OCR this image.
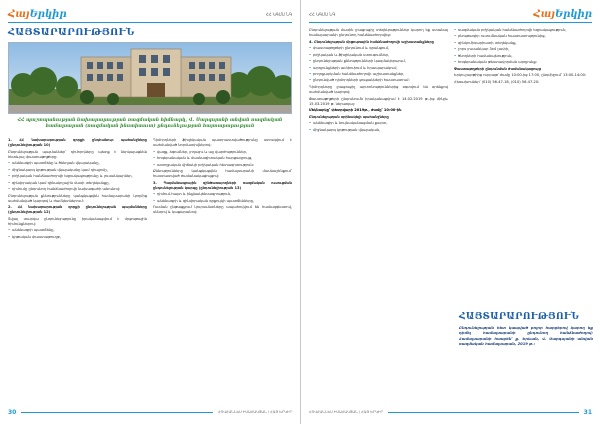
ՀայԵրկիր	ՀՀ ԿԳՄՍ ՆԳ
ՀԱՅՏԱՐԱՐՈՒԹՅՈՒՆ
ՀՀ պաշտպանության նախարարության ռազմական հիմնարկ, Վ. Սարգսյանի անվան ռազմական համալսարան (ռազմական ինստիտուտ) ընդունելության հայտարարություն

1. ՀՀ նախարարության զորքի ընդհանուր պահանջները (ընդունելիության 10)

Ընդունելության պայմաններ՝ դիմորդները պետք է ներկայացնեն հետևյալ փաստաթղթերը:

• անձնագրի պատճենը և ծննդյան վկայականը,

• միջնակարգ կրթության վկայականը կամ դիպլոմը,

• բժշկական հանձնաժողովի եզրակացությունը և լուսանկարներ,

• զինվորական կամ զինակոչային մասի տեղեկանքը,

• դիմումը ընդունող հանձնաժողովի նախագահի անունով:

Ընդունելության քննությունները կանցկացվեն համալսարանի կողմից սահմանված կարգով և ժամկետներում:

2. ՀՀ նախարարության զորքի ընդունելության պայմանները (ընդունելիության 12)

Տվյալ տարվա ընդունելությունը իրականացվում է մրցութային հիմունքներով:

• անձնագրի պատճենը,

• կրթական փաստաթուղթ,

Դիմորդների ֆիզիկական պատրաստվածությունը ստուգվում է սահմանված նորմատիվներով:

• վազք, ձգումներ, լողալու և այլ վարժություններ,

• հոգեբանական և մասնագիտական հարցազրույց,

• առողջական վիճակի բժշկական հետազոտություն:

Քննությունները կանցկացվեն համալսարանի մասնաշենքում՝ հաստատված ժամանակացույցով:

3. Պայմանագրային զինծառայողների ռազմական ուսուցման ընդունելության կարգը (ընդունելիության 13)

• դիմում-հայտ և ինքնակենսագրություն,

• անձնագրի և զինվորական գրքույկի պատճենները,

Ուսման ընթացքում կուրսանտները ապահովվում են համազգեստով, սննդով և կացարանով:

30	ՀՈՎՀԱՆՆԵՍ ԻՍԱՀԱԿՅԱՆ / ՀԱՅ ԵՐԿԻՐ
ՀՀ ԿԳՄՍ ՆԳ	ՀայԵրկիր

Ընդունելության մասին լրացուցիչ տեղեկություններ կարող եք ստանալ համալսարանի ընդունող հանձնաժողովից:

4. Ընդունելության մրցութային հանձնաժողովի աշխատանքները

• փաստաթղթերի ընդունում և գրանցում,

• բժշկական և ֆիզիկական ստուգումներ,

• ընդունելության քննությունների կազմակերպում,

• արդյունքների ամփոփում և հրապարակում,

• բողոքարկման հանձնաժողովի աշխատանքներ,

• ընդունված դիմորդների ցուցակների հաստատում:

Դիմորդները լրացուցիչ արտոնություններից օգտվում են օրենքով սահմանված կարգով:

Փաստաթղթերի ընդունումն իրականացվում է 14.02.2019 թ.-ից մինչև 15.03.2019 թ. ներառյալ:

Մեկնարկը՝ փետրվարի 2019թ., ժամը՝ 10:00-ին

Ընդունելության օրինակելի պահանջները

• անձնագիր և նույնականացման քարտ,

• միջնակարգ կրթության վկայական,

• ռազմական բժշկական հանձնաժողովի եզրակացություն,

• բնութագիր ուսումնական հաստատությունից,

• զինկոմիսարիատի տեղեկանք,

• չորս լուսանկար 3x4 չափի,

• ծնողների համաձայնություն,

• հոգեբանական թեստավորման արդյունք:

Փաստաթղթերի ընդունման ժամանակացույց

Երկուշաբթիից ուրբաթ՝ ժամը 10:00-ից 17:00, ընդմիջում՝ 13:00-14:00:

Հեռախոսներ՝ (010) 56-47-18, (010) 56-47-20:

ՀԱՅՏԱՐԱՐՈՒԹՅՈՒՆ
Ընդունելության հետ կապված բոլոր հարցերով կարող եք դիմել համալսարանի ընդունող հանձնաժողով: Համալսարանի հասցեն՝ ք. Երևան, Վ. Սարգսյանի անվան ռազմական համալսարան, 2019 թ.:
ՀՈՎՀԱՆՆԵՍ ԻՍԱՀԱԿՅԱՆ / ՀԱՅ ԵՐԿԻՐ	31
